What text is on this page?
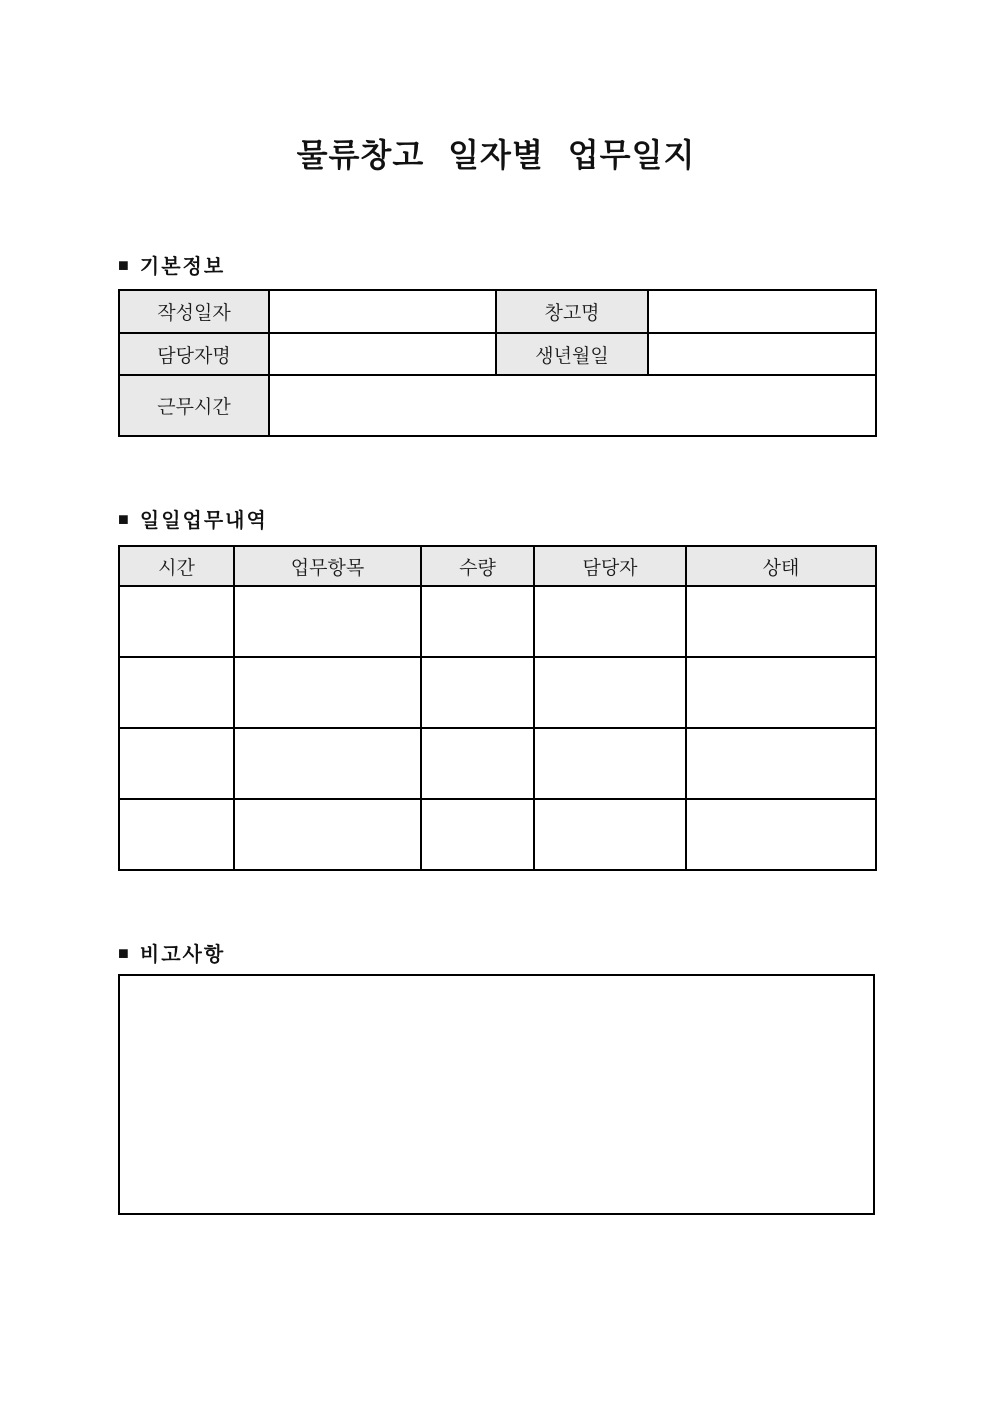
물류창고 일자별 업무일지
■ 기본정보
작성일자		창고명	
담당자명		생년월일	
근무시간			
■ 일일업무내역
시간	업무항목	수량	담당자	상태

■ 비고사항
